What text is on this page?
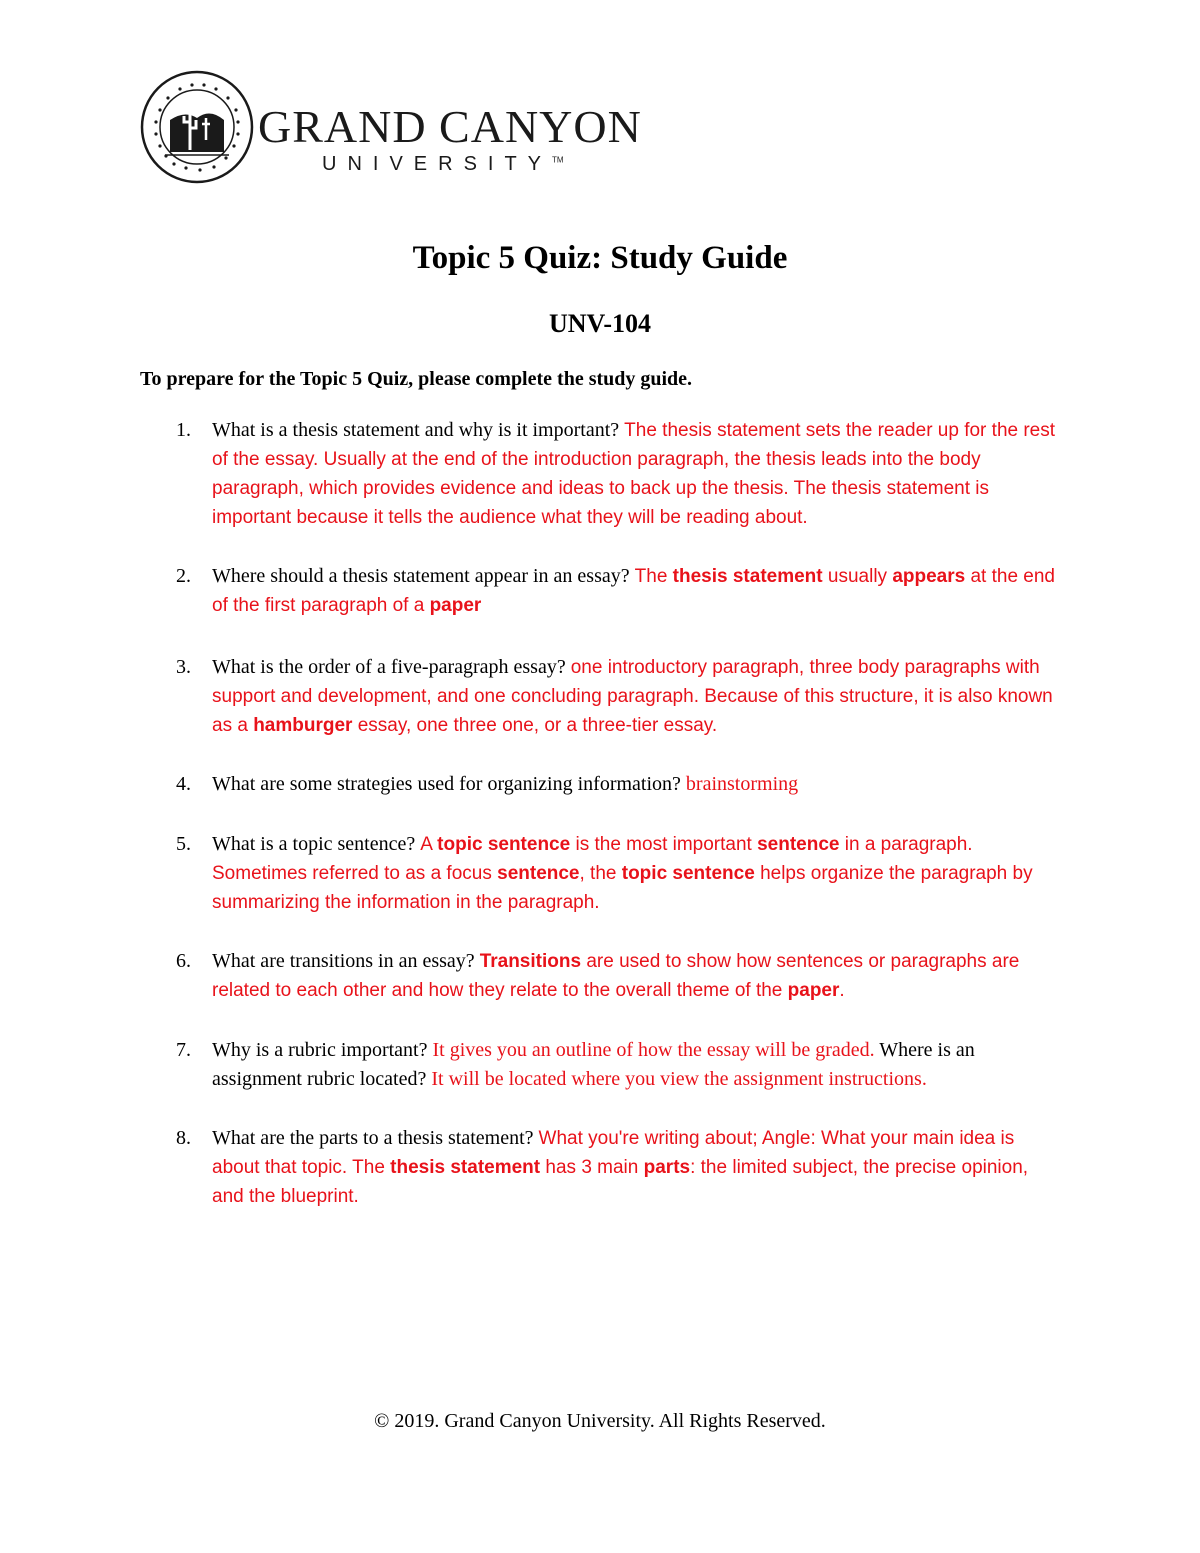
GRAND CANYON
UNIVERSITY™
Topic 5 Quiz: Study Guide
UNV-104

To prepare for the Topic 5 Quiz, please complete the study guide.

1. What is a thesis statement and why is it important? The thesis statement sets the reader up for the rest of the essay. Usually at the end of the introduction paragraph, the thesis leads into the body paragraph, which provides evidence and ideas to back up the thesis. The thesis statement is important because it tells the audience what they will be reading about.
2. Where should a thesis statement appear in an essay? The thesis statement usually appears at the end of the first paragraph of a paper
3. What is the order of a five-paragraph essay? one introductory paragraph, three body paragraphs with support and development, and one concluding paragraph. Because of this structure, it is also known as a hamburger essay, one three one, or a three-tier essay.
4. What are some strategies used for organizing information? brainstorming
5. What is a topic sentence? A topic sentence is the most important sentence in a paragraph. Sometimes referred to as a focus sentence, the topic sentence helps organize the paragraph by summarizing the information in the paragraph.
6. What are transitions in an essay? Transitions are used to show how sentences or paragraphs are related to each other and how they relate to the overall theme of the paper.
7. Why is a rubric important? It gives you an outline of how the essay will be graded. Where is an assignment rubric located? It will be located where you view the assignment instructions.
8. What are the parts to a thesis statement? What you're writing about; Angle: What your main idea is about that topic. The thesis statement has 3 main parts: the limited subject, the precise opinion, and the blueprint.

© 2019. Grand Canyon University. All Rights Reserved.
